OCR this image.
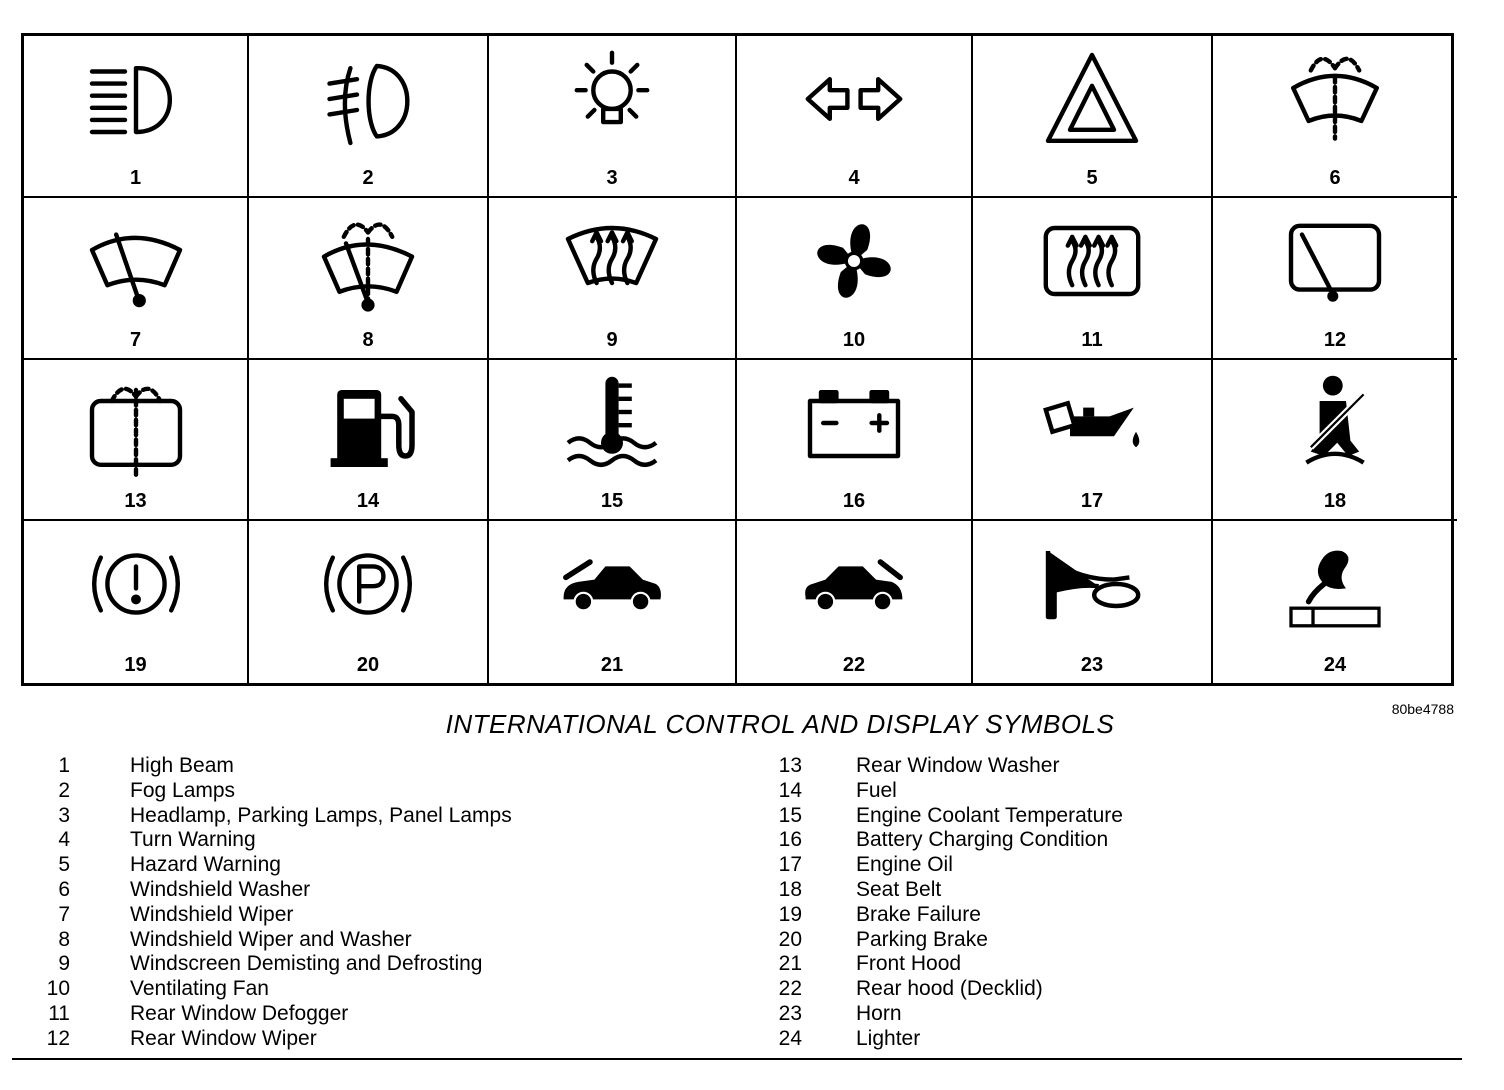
1	2	3	4	5	6
7	8	9	10	11	12
13	14	15	16	17	18
19	20	21	22	23	24
80be4788
INTERNATIONAL CONTROL AND DISPLAY SYMBOLS
1	High Beam
2	Fog Lamps
3	Headlamp, Parking Lamps, Panel Lamps
4	Turn Warning
5	Hazard Warning
6	Windshield Washer
7	Windshield Wiper
8	Windshield Wiper and Washer
9	Windscreen Demisting and Defrosting
10	Ventilating Fan
11	Rear Window Defogger
12	Rear Window Wiper
13	Rear Window Washer
14	Fuel
15	Engine Coolant Temperature
16	Battery Charging Condition
17	Engine Oil
18	Seat Belt
19	Brake Failure
20	Parking Brake
21	Front Hood
22	Rear hood (Decklid)
23	Horn
24	Lighter
